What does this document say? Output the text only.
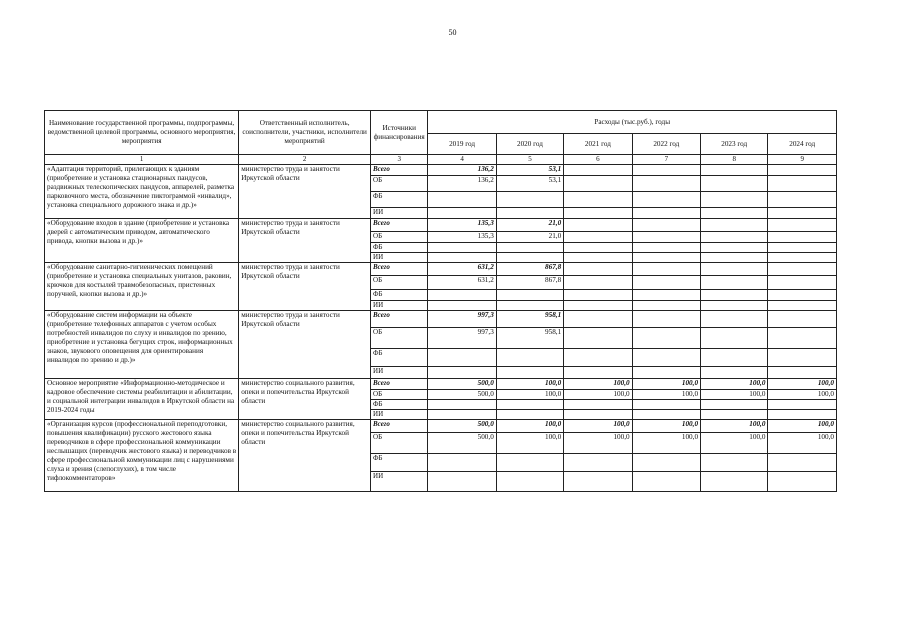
50
Наименование государственной программы, подпрограммы, ведомственной целевой программы, основного мероприятия, мероприятия	Ответственный исполнитель, соисполнители, участники, исполнители мероприятий	Источники финансирования	Расходы (тыс.руб.), годы					
			2019 год	2020 год	2021 год	2022 год	2023 год	2024 год
1	2	3	4	5	6	7	8	9
«Адаптация территорий, прилегающих к зданиям (приобретение и установка стационарных пандусов, раздвижных телескопических пандусов, аппарелей, разметка парковочного места, обозначение пиктограммой «инвалид», установка специального дорожного знака и др.)»	министерство труда и занятости Иркутской области	Всего	136,2	53,1				
		ОБ	136,2	53,1				
		ФБ						
		ИИ						
«Оборудование входов в здание (приобретение и установка дверей с автоматическим приводом, автоматического привода, кнопки вызова и др.)»	министерство труда и занятости Иркутской области	Всего	135,3	21,0				
		ОБ	135,3	21,0				
		ФБ						
		ИИ						
«Оборудование санитарно-гигиенических помещений (приобретение и установка специальных унитазов, раковин, крючков для костылей травмобезопасных, пристенных поручней, кнопки вызова и др.)»	министерство труда и занятости Иркутской области	Всего	631,2	867,8				
		ОБ	631,2	867,8				
		ФБ						
		ИИ						
«Оборудование систем информации на объекте (приобретение телефонных аппаратов с учетом особых потребностей инвалидов по слуху и инвалидов по зрению, приобретение и установка бегущих строк, информационных знаков, звукового оповещения для ориентирования инвалидов по зрению и др.)»	министерство труда и занятости Иркутской области	Всего	997,3	958,1				
		ОБ	997,3	958,1				
		ФБ						
		ИИ						
Основное мероприятие «Информационно-методическое и кадровое обеспечение системы реабилитации и абилитации, и социальной интеграции инвалидов в Иркутской области на 2019-2024 годы	министерство социального развития, опеки и попечительства Иркутской области	Всего	500,0	100,0	100,0	100,0	100,0	100,0
		ОБ	500,0	100,0	100,0	100,0	100,0	100,0
		ФБ						
		ИИ						
«Организация курсов (профессиональной переподготовки, повышения квалификации) русского жестового языка переводчиков в сфере профессиональной коммуникации неслышащих (переводчик жестового языка) и переводчиков в сфере профессиональной коммуникации лиц с нарушениями слуха и зрения (слепоглухих), в том числе тифлокомментаторов»	министерство социального развития, опеки и попечительства Иркутской области	Всего	500,0	100,0	100,0	100,0	100,0	100,0
		ОБ	500,0	100,0	100,0	100,0	100,0	100,0
		ФБ						
		ИИ						
